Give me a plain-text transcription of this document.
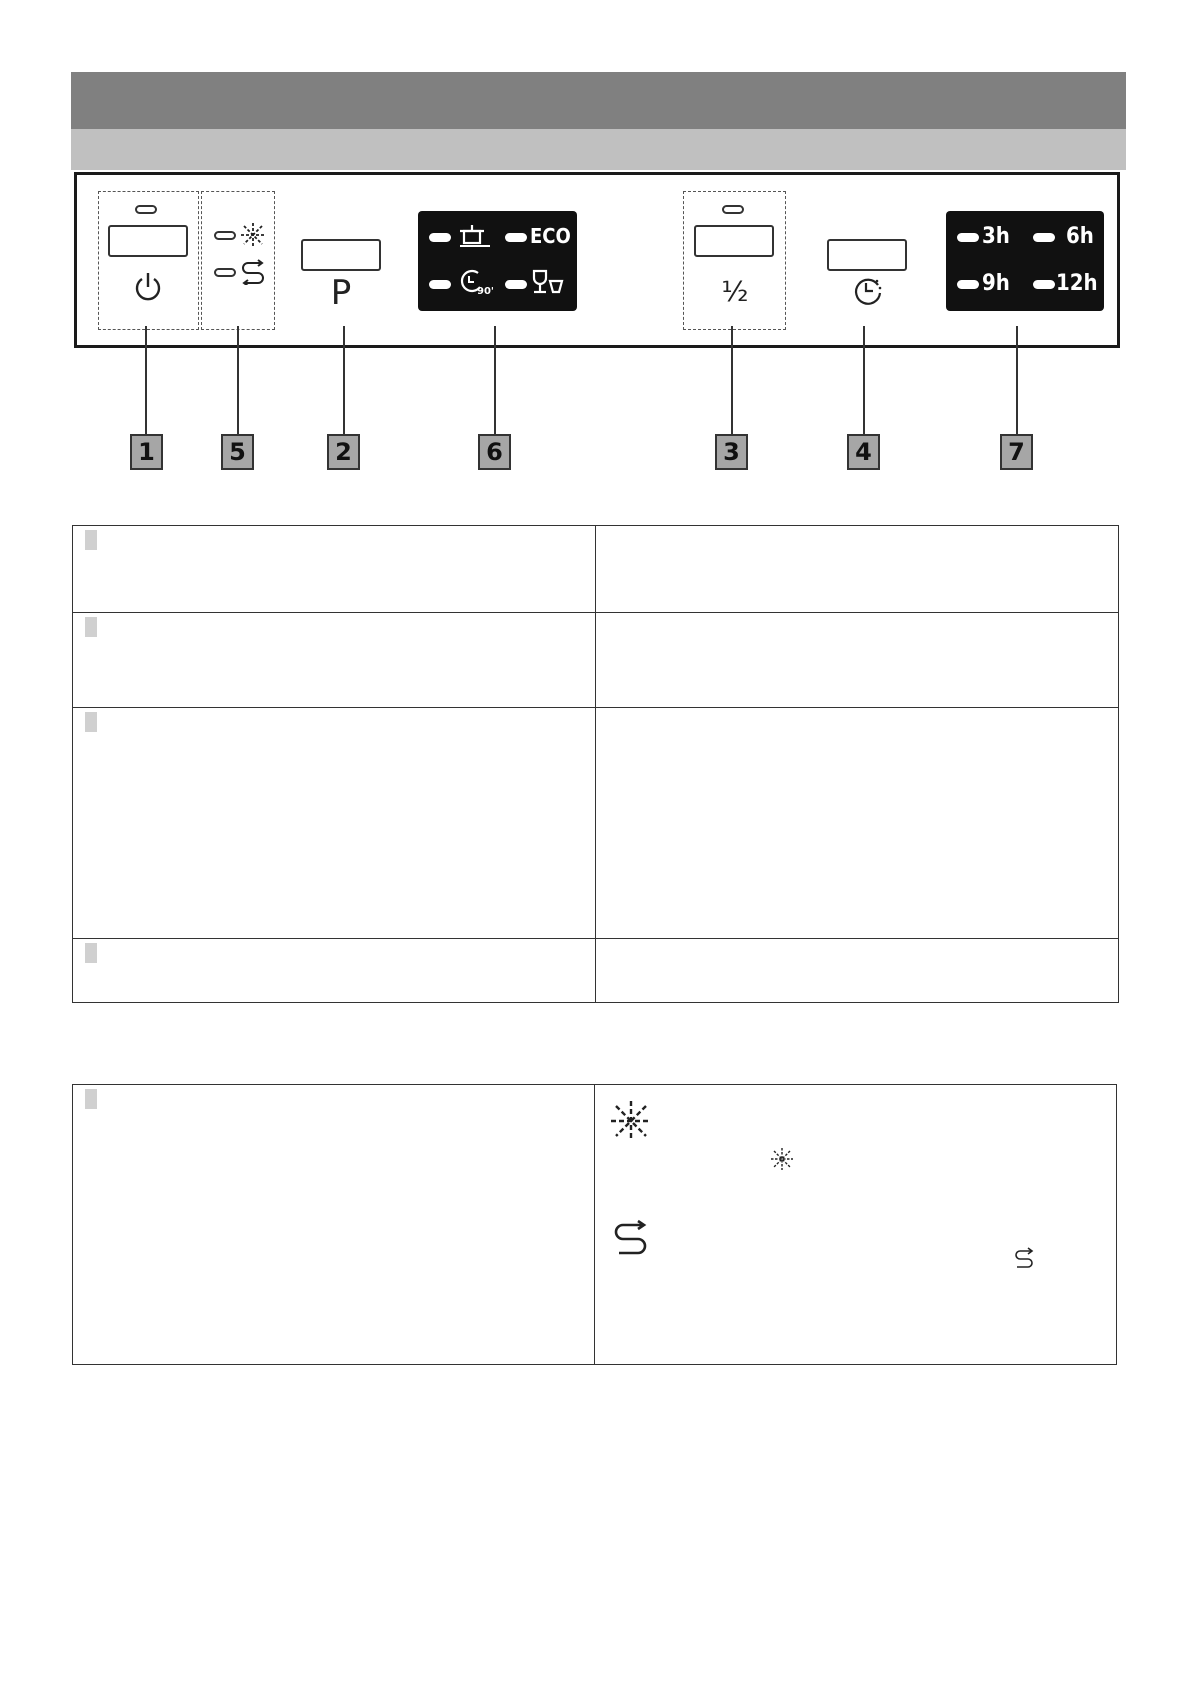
P
ECO
90'	½
3h	6h
9h 12h
1	5	2	6	3	4	7
